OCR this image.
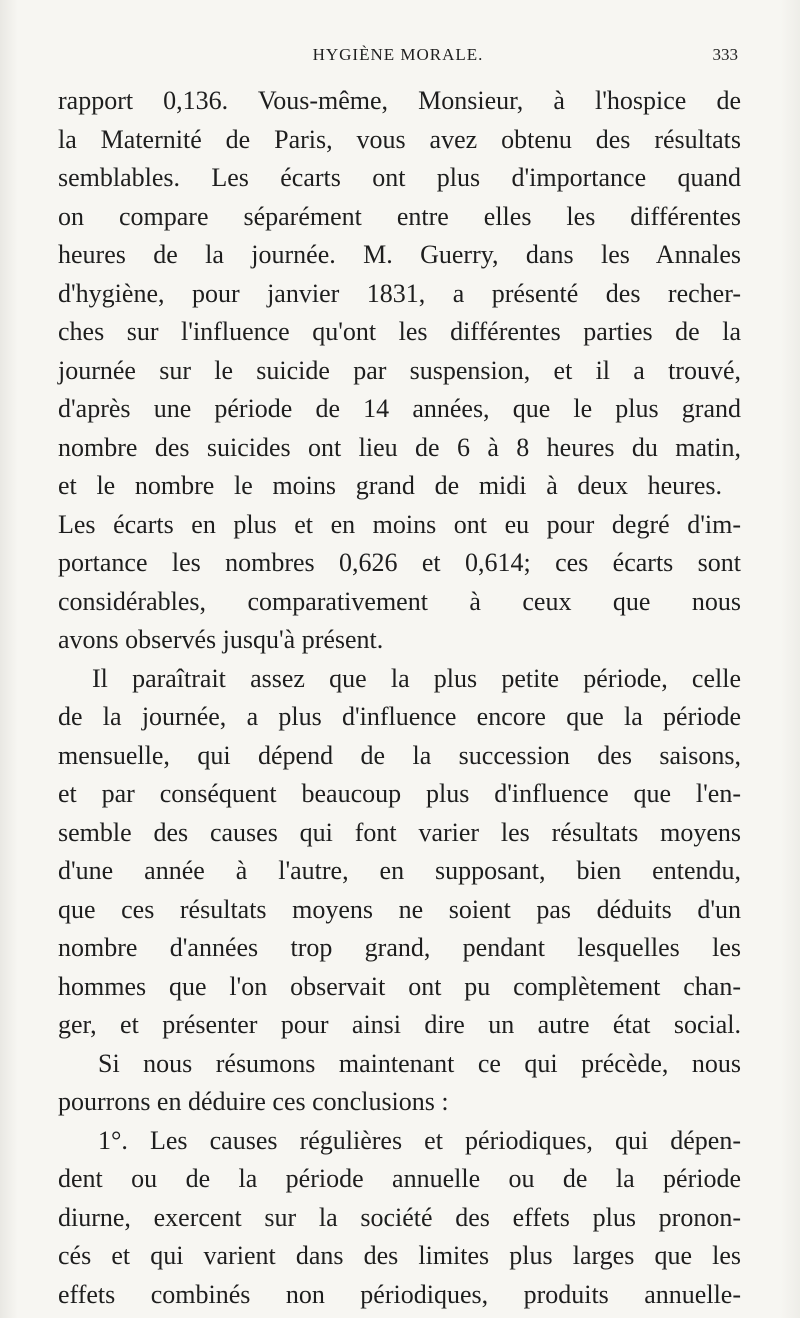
HYGIÈNE MORALE.	333
rapport 0,136. Vous-même, Monsieur, à l'hospice de
la Maternité de Paris, vous avez obtenu des résultats
semblables. Les écarts ont plus d'importance quand
on compare séparément entre elles les différentes
heures de la journée. M. Guerry, dans les Annales
d'hygiène, pour janvier 1831, a présenté des recher-
ches sur l'influence qu'ont les différentes parties de la
journée sur le suicide par suspension, et il a trouvé,
d'après une période de 14 années, que le plus grand
nombre des suicides ont lieu de 6 à 8 heures du matin,
et le nombre le moins grand de midi à deux heures.
Les écarts en plus et en moins ont eu pour degré d'im-
portance les nombres 0,626 et 0,614; ces écarts sont
considérables, comparativement à ceux que nous
avons observés jusqu'à présent.
Il paraîtrait assez que la plus petite période, celle
de la journée, a plus d'influence encore que la période
mensuelle, qui dépend de la succession des saisons,
et par conséquent beaucoup plus d'influence que l'en-
semble des causes qui font varier les résultats moyens
d'une année à l'autre, en supposant, bien entendu,
que ces résultats moyens ne soient pas déduits d'un
nombre d'années trop grand, pendant lesquelles les
hommes que l'on observait ont pu complètement chan-
ger, et présenter pour ainsi dire un autre état social.
Si nous résumons maintenant ce qui précède, nous
pourrons en déduire ces conclusions :
1°. Les causes régulières et périodiques, qui dépen-
dent ou de la période annuelle ou de la période
diurne, exercent sur la société des effets plus pronon-
cés et qui varient dans des limites plus larges que les
effets combinés non périodiques, produits annuelle-
